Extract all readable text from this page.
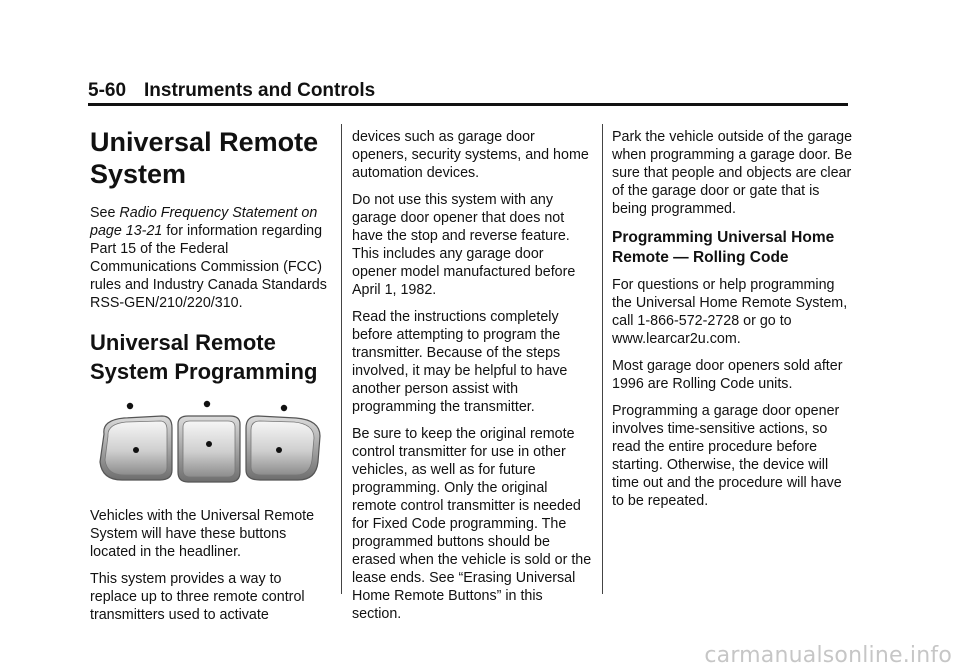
5-60 Instruments and Controls
Universal Remote System

See Radio Frequency Statement on page 13-21 for information regarding Part 15 of the Federal Communications Commission (FCC) rules and Industry Canada Standards RSS-GEN/210/220/310.

Universal Remote System Programming

Vehicles with the Universal Remote System will have these buttons located in the headliner.

This system provides a way to replace up to three remote control transmitters used to activate

devices such as garage door openers, security systems, and home automation devices.

Do not use this system with any garage door opener that does not have the stop and reverse feature. This includes any garage door opener model manufactured before April 1, 1982.

Read the instructions completely before attempting to program the transmitter. Because of the steps involved, it may be helpful to have another person assist with programming the transmitter.

Be sure to keep the original remote control transmitter for use in other vehicles, as well as for future programming. Only the original remote control transmitter is needed for Fixed Code programming. The programmed buttons should be erased when the vehicle is sold or the lease ends. See “Erasing Universal Home Remote Buttons” in this section.

Park the vehicle outside of the garage when programming a garage door. Be sure that people and objects are clear of the garage door or gate that is being programmed.

Programming Universal Home Remote — Rolling Code

For questions or help programming the Universal Home Remote System, call 1-866-572-2728 or go to www.learcar2u.com.

Most garage door openers sold after 1996 are Rolling Code units.

Programming a garage door opener involves time-sensitive actions, so read the entire procedure before starting. Otherwise, the device will time out and the procedure will have to be repeated.

carmanualsonline.info
